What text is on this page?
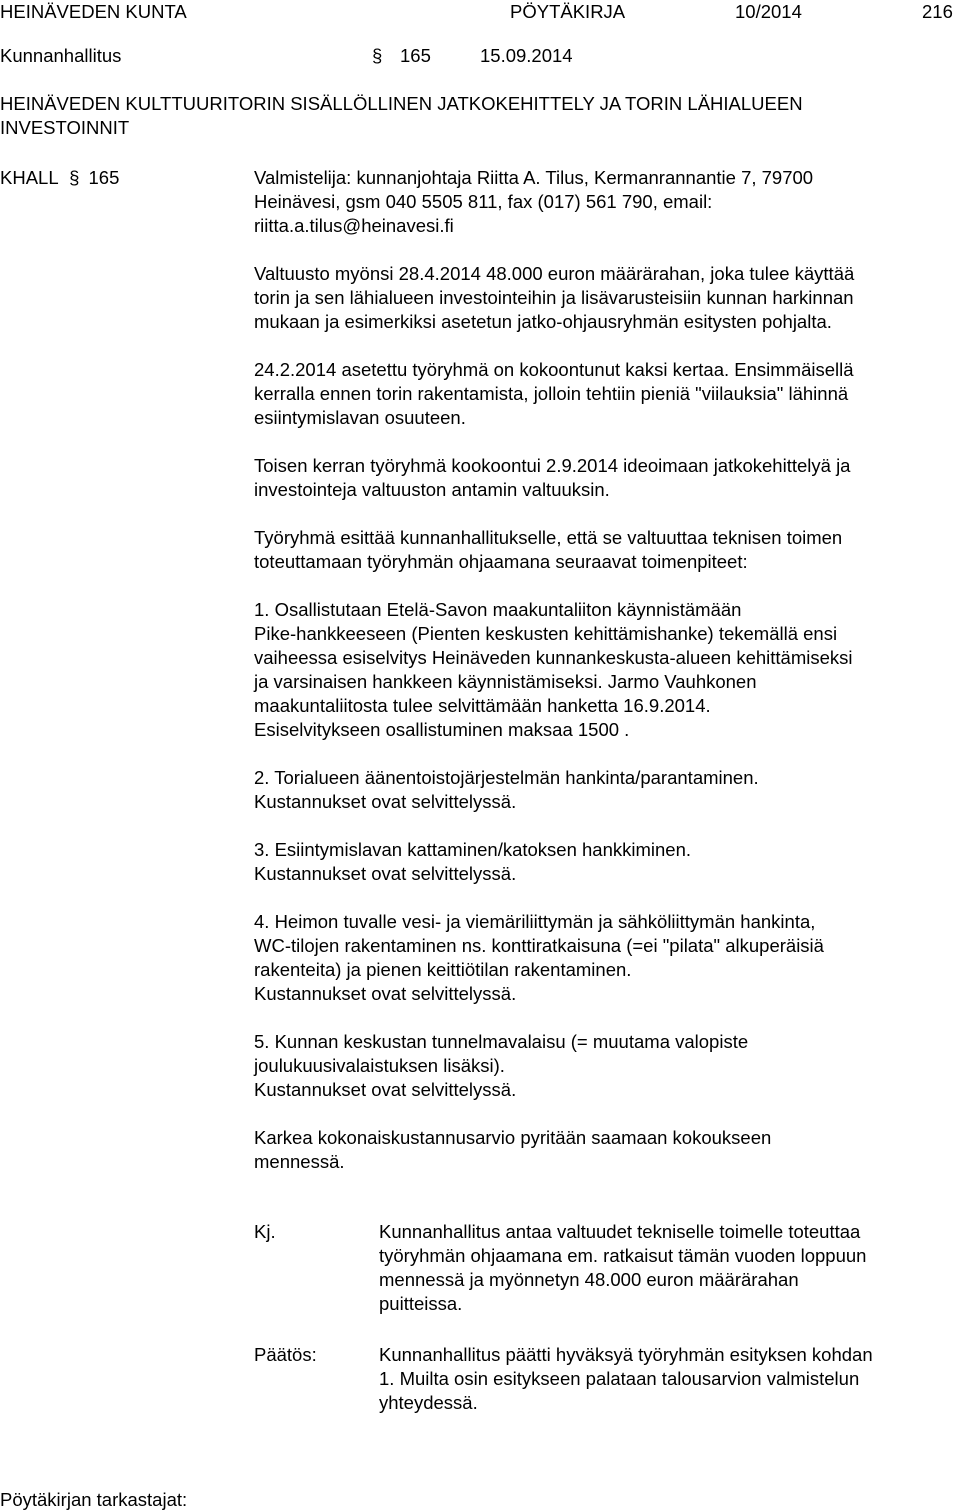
HEINÄVEDEN KUNTA	PÖYTÄKIRJA	10/2014	216
Kunnanhallitus	§ 165	15.09.2014
HEINÄVEDEN KULTTUURITORIN SISÄLLÖLLINEN JATKOKEHITTELY JA TORIN LÄHIALUEEN
INVESTOINNIT
KHALL § 165	Valmistelija: kunnanjohtaja Riitta A. Tilus, Kermanrannantie 7, 79700
Heinävesi, gsm 040 5505 811, fax (017) 561 790, email:
riitta.a.tilus@heinavesi.fi

Valtuusto myönsi 28.4.2014 48.000 euron määrärahan, joka tulee käyttää
torin ja sen lähialueen investointeihin ja lisävarusteisiin kunnan harkinnan
mukaan ja esimerkiksi asetetun jatko-ohjausryhmän esitysten pohjalta.

24.2.2014 asetettu työryhmä on kokoontunut kaksi kertaa. Ensimmäisellä
kerralla ennen torin rakentamista, jolloin tehtiin pieniä "viilauksia" lähinnä
esiintymislavan osuuteen.

Toisen kerran työryhmä kookoontui 2.9.2014 ideoimaan jatkokehittelyä ja
investointeja valtuuston antamin valtuuksin.

Työryhmä esittää kunnanhallitukselle, että se valtuuttaa teknisen toimen
toteuttamaan työryhmän ohjaamana seuraavat toimenpiteet:

1. Osallistutaan Etelä-Savon maakuntaliiton käynnistämään
Pike-hankkeeseen (Pienten keskusten kehittämishanke) tekemällä ensi
vaiheessa esiselvitys Heinäveden kunnankeskusta-alueen kehittämiseksi
ja varsinaisen hankkeen käynnistämiseksi. Jarmo Vauhkonen
maakuntaliitosta tulee selvittämään hanketta 16.9.2014.
Esiselvitykseen osallistuminen maksaa 1500 .

2. Torialueen äänentoistojärjestelmän hankinta/parantaminen.
Kustannukset ovat selvittelyssä.

3. Esiintymislavan kattaminen/katoksen hankkiminen.
Kustannukset ovat selvittelyssä.

4. Heimon tuvalle vesi- ja viemäriliittymän ja sähköliittymän hankinta,
WC-tilojen rakentaminen ns. konttiratkaisuna (=ei "pilata" alkuperäisiä
rakenteita) ja pienen keittiötilan rakentaminen.
Kustannukset ovat selvittelyssä.

5. Kunnan keskustan tunnelmavalaisu (= muutama valopiste
joulukuusivalaistuksen lisäksi).
Kustannukset ovat selvittelyssä.

Karkea kokonaiskustannusarvio pyritään saamaan kokoukseen
mennessä.

Kj.	Kunnanhallitus antaa valtuudet tekniselle toimelle toteuttaa
työryhmän ohjaamana em. ratkaisut tämän vuoden loppuun
mennessä ja myönnetyn 48.000 euron määrärahan
puitteissa.
Päätös:	Kunnanhallitus päätti hyväksyä työryhmän esityksen kohdan
1. Muilta osin esitykseen palataan talousarvion valmistelun
yhteydessä.
Pöytäkirjan tarkastajat:
